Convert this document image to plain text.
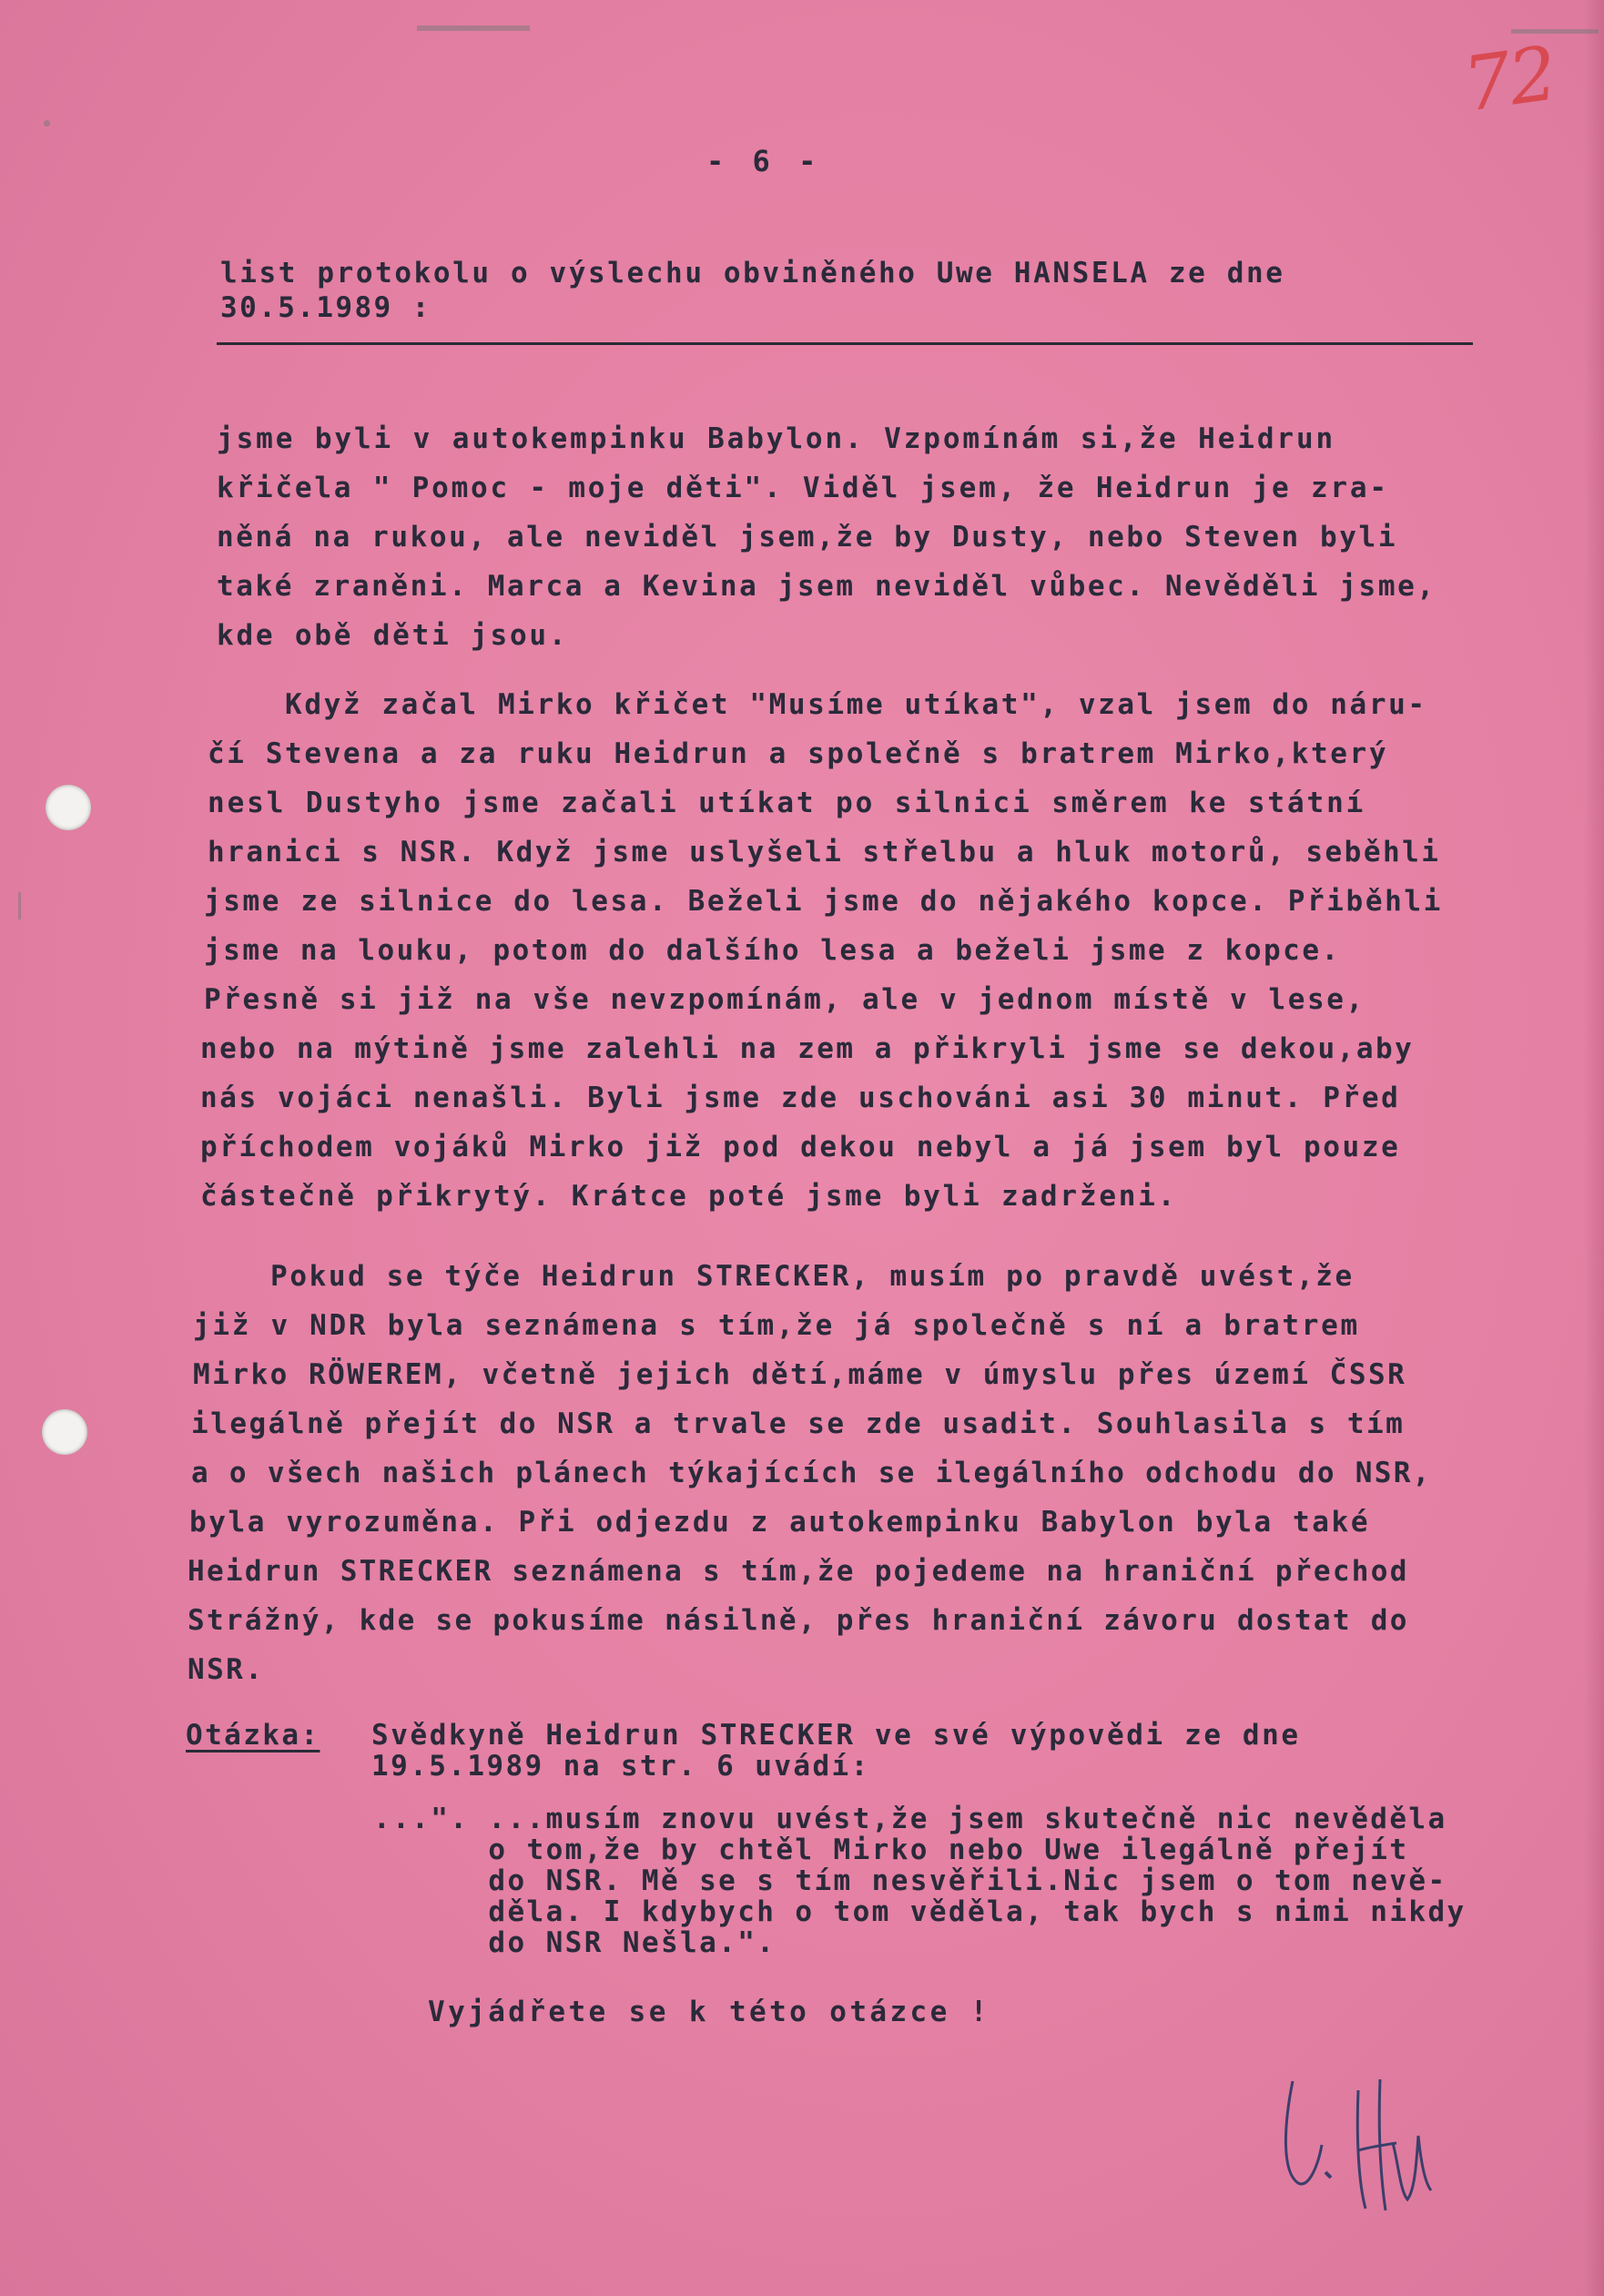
72
- 6 -
list protokolu o výslechu obviněného Uwe HANSELA ze dne
30.5.1989 :
jsme byli v autokempinku Babylon. Vzpomínám si,že Heidrun
křičela " Pomoc - moje děti". Viděl jsem, že Heidrun je zra-
něná na rukou, ale neviděl jsem,že by Dusty, nebo Steven byli
také zraněni. Marca a Kevina jsem neviděl vůbec. Nevěděli jsme,
kde obě děti jsou.
Když začal Mirko křičet "Musíme utíkat", vzal jsem do náru-
čí Stevena a za ruku Heidrun a společně s bratrem Mirko,který
nesl Dustyho jsme začali utíkat po silnici směrem ke státní
hranici s NSR. Když jsme uslyšeli střelbu a hluk motorů, seběhli
jsme ze silnice do lesa. Beželi jsme do nějakého kopce. Přiběhli
jsme na louku, potom do dalšího lesa a beželi jsme z kopce.
Přesně si již na vše nevzpomínám, ale v jednom místě v lese,
nebo na mýtině jsme zalehli na zem a přikryli jsme se dekou,aby
nás vojáci nenašli. Byli jsme zde uschováni asi 30 minut. Před
příchodem vojáků Mirko již pod dekou nebyl a já jsem byl pouze
částečně přikrytý. Krátce poté jsme byli zadrženi.
Pokud se týče Heidrun STRECKER, musím po pravdě uvést,že
již v NDR byla seznámena s tím,že já společně s ní a bratrem
Mirko RÖWEREM, včetně jejich dětí,máme v úmyslu přes území ČSSR
ilegálně přejít do NSR a trvale se zde usadit. Souhlasila s tím
a o všech našich plánech týkajících se ilegálního odchodu do NSR,
byla vyrozuměna. Při odjezdu z autokempinku Babylon byla také
Heidrun STRECKER seznámena s tím,že pojedeme na hraniční přechod
Strážný, kde se pokusíme násilně, přes hraniční závoru dostat do
NSR.
Otázka: Svědkyně Heidrun STRECKER ve své výpovědi ze dne
19.5.1989 na str. 6 uvádí:
...". ...musím znovu uvést,že jsem skutečně nic nevěděla
o tom,že by chtěl Mirko nebo Uwe ilegálně přejít
do NSR. Mě se s tím nesvěřili.Nic jsem o tom nevě-
děla. I kdybych o tom věděla, tak bych s nimi nikdy
do NSR Nešla.".
Vyjádřete se k této otázce !
